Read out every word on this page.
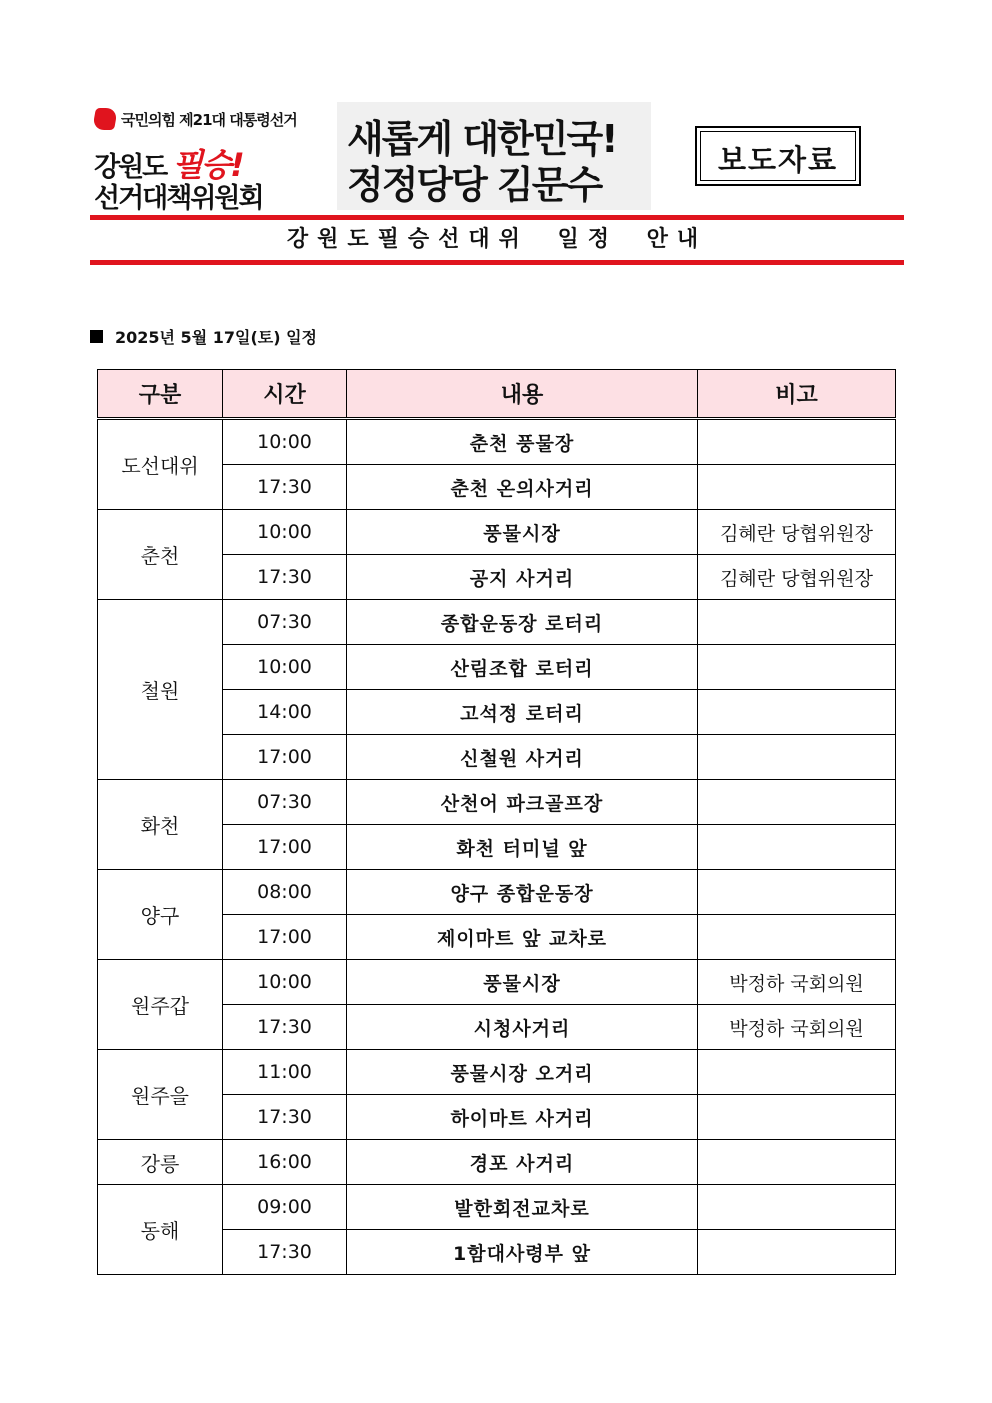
국민의힘 제21대 대통령선거
강원도 필승!
선거대책위원회
새롭게 대한민국!
정정당당 김문수
보도자료
강원도필승선대위 일정 안내
2025년 5월 17일(토) 일정
구분	시간	내용	비고
도선대위	10:00	춘천 풍물장	
	17:30	춘천 온의사거리	
춘천	10:00	풍물시장	김혜란 당협위원장
	17:30	공지 사거리	김혜란 당협위원장
철원	07:30	종합운동장 로터리	
	10:00	산림조합 로터리	
	14:00	고석정 로터리	
	17:00	신철원 사거리	
화천	07:30	산천어 파크골프장	
	17:00	화천 터미널 앞	
양구	08:00	양구 종합운동장	
	17:00	제이마트 앞 교차로	
원주갑	10:00	풍물시장	박정하 국회의원
	17:30	시청사거리	박정하 국회의원
원주을	11:00	풍물시장 오거리	
	17:30	하이마트 사거리	
강릉	16:00	경포 사거리	
동해	09:00	발한회전교차로	
	17:30	1함대사령부 앞	
